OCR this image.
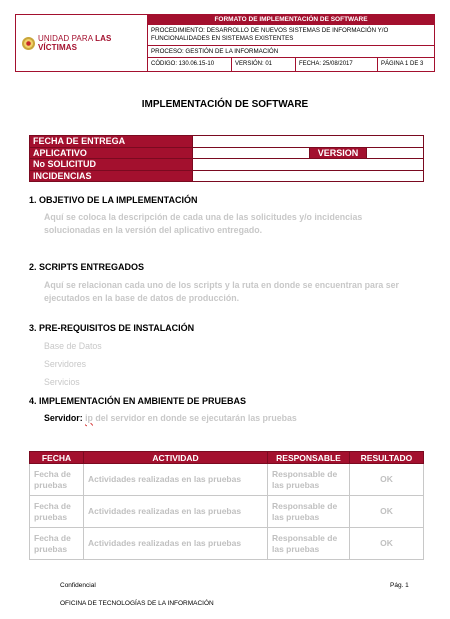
UNIDAD PARA LAS VÍCTIMAS
FORMATO DE IMPLEMENTACIÓN DE SOFTWARE
PROCEDIMIENTO: DESARROLLO DE NUEVOS SISTEMAS DE INFORMACIÓN Y/O FUNCIONALIDADES EN SISTEMAS EXISTENTES
PROCESO: GESTIÓN DE LA INFORMACIÓN
CÓDIGO: 130.06.15-10	VERSIÓN: 01	FECHA: 25/08/2017	PÁGINA 1 DE 3
IMPLEMENTACIÓN DE SOFTWARE
FECHA DE ENTREGA			
APLICATIVO		VERSION	
No SOLICITUD			
INCIDENCIAS			
1. OBJETIVO DE LA IMPLEMENTACIÓN
Aquí se coloca la descripción de cada una de las solicitudes y/o incidencias solucionadas en la versión del aplicativo entregado.
2. SCRIPTS ENTREGADOS
Aquí se relacionan cada uno de los scripts y la ruta en donde se encuentran para ser ejecutados en la base de datos de producción.
3. PRE-REQUISITOS DE INSTALACIÓN
Base de Datos
Servidores
Servicios
4. IMPLEMENTACIÓN EN AMBIENTE DE PRUEBAS
Servidor: ip del servidor en donde se ejecutarán las pruebas
FECHA	ACTIVIDAD	RESPONSABLE	RESULTADO
Fecha de pruebas	Actividades realizadas en las pruebas	Responsable de las pruebas	OK
Fecha de pruebas	Actividades realizadas en las pruebas	Responsable de las pruebas	OK
Fecha de pruebas	Actividades realizadas en las pruebas	Responsable de las pruebas	OK
Confidencial	Pág. 1
OFICINA DE TECNOLOGÍAS DE LA INFORMACIÓN
